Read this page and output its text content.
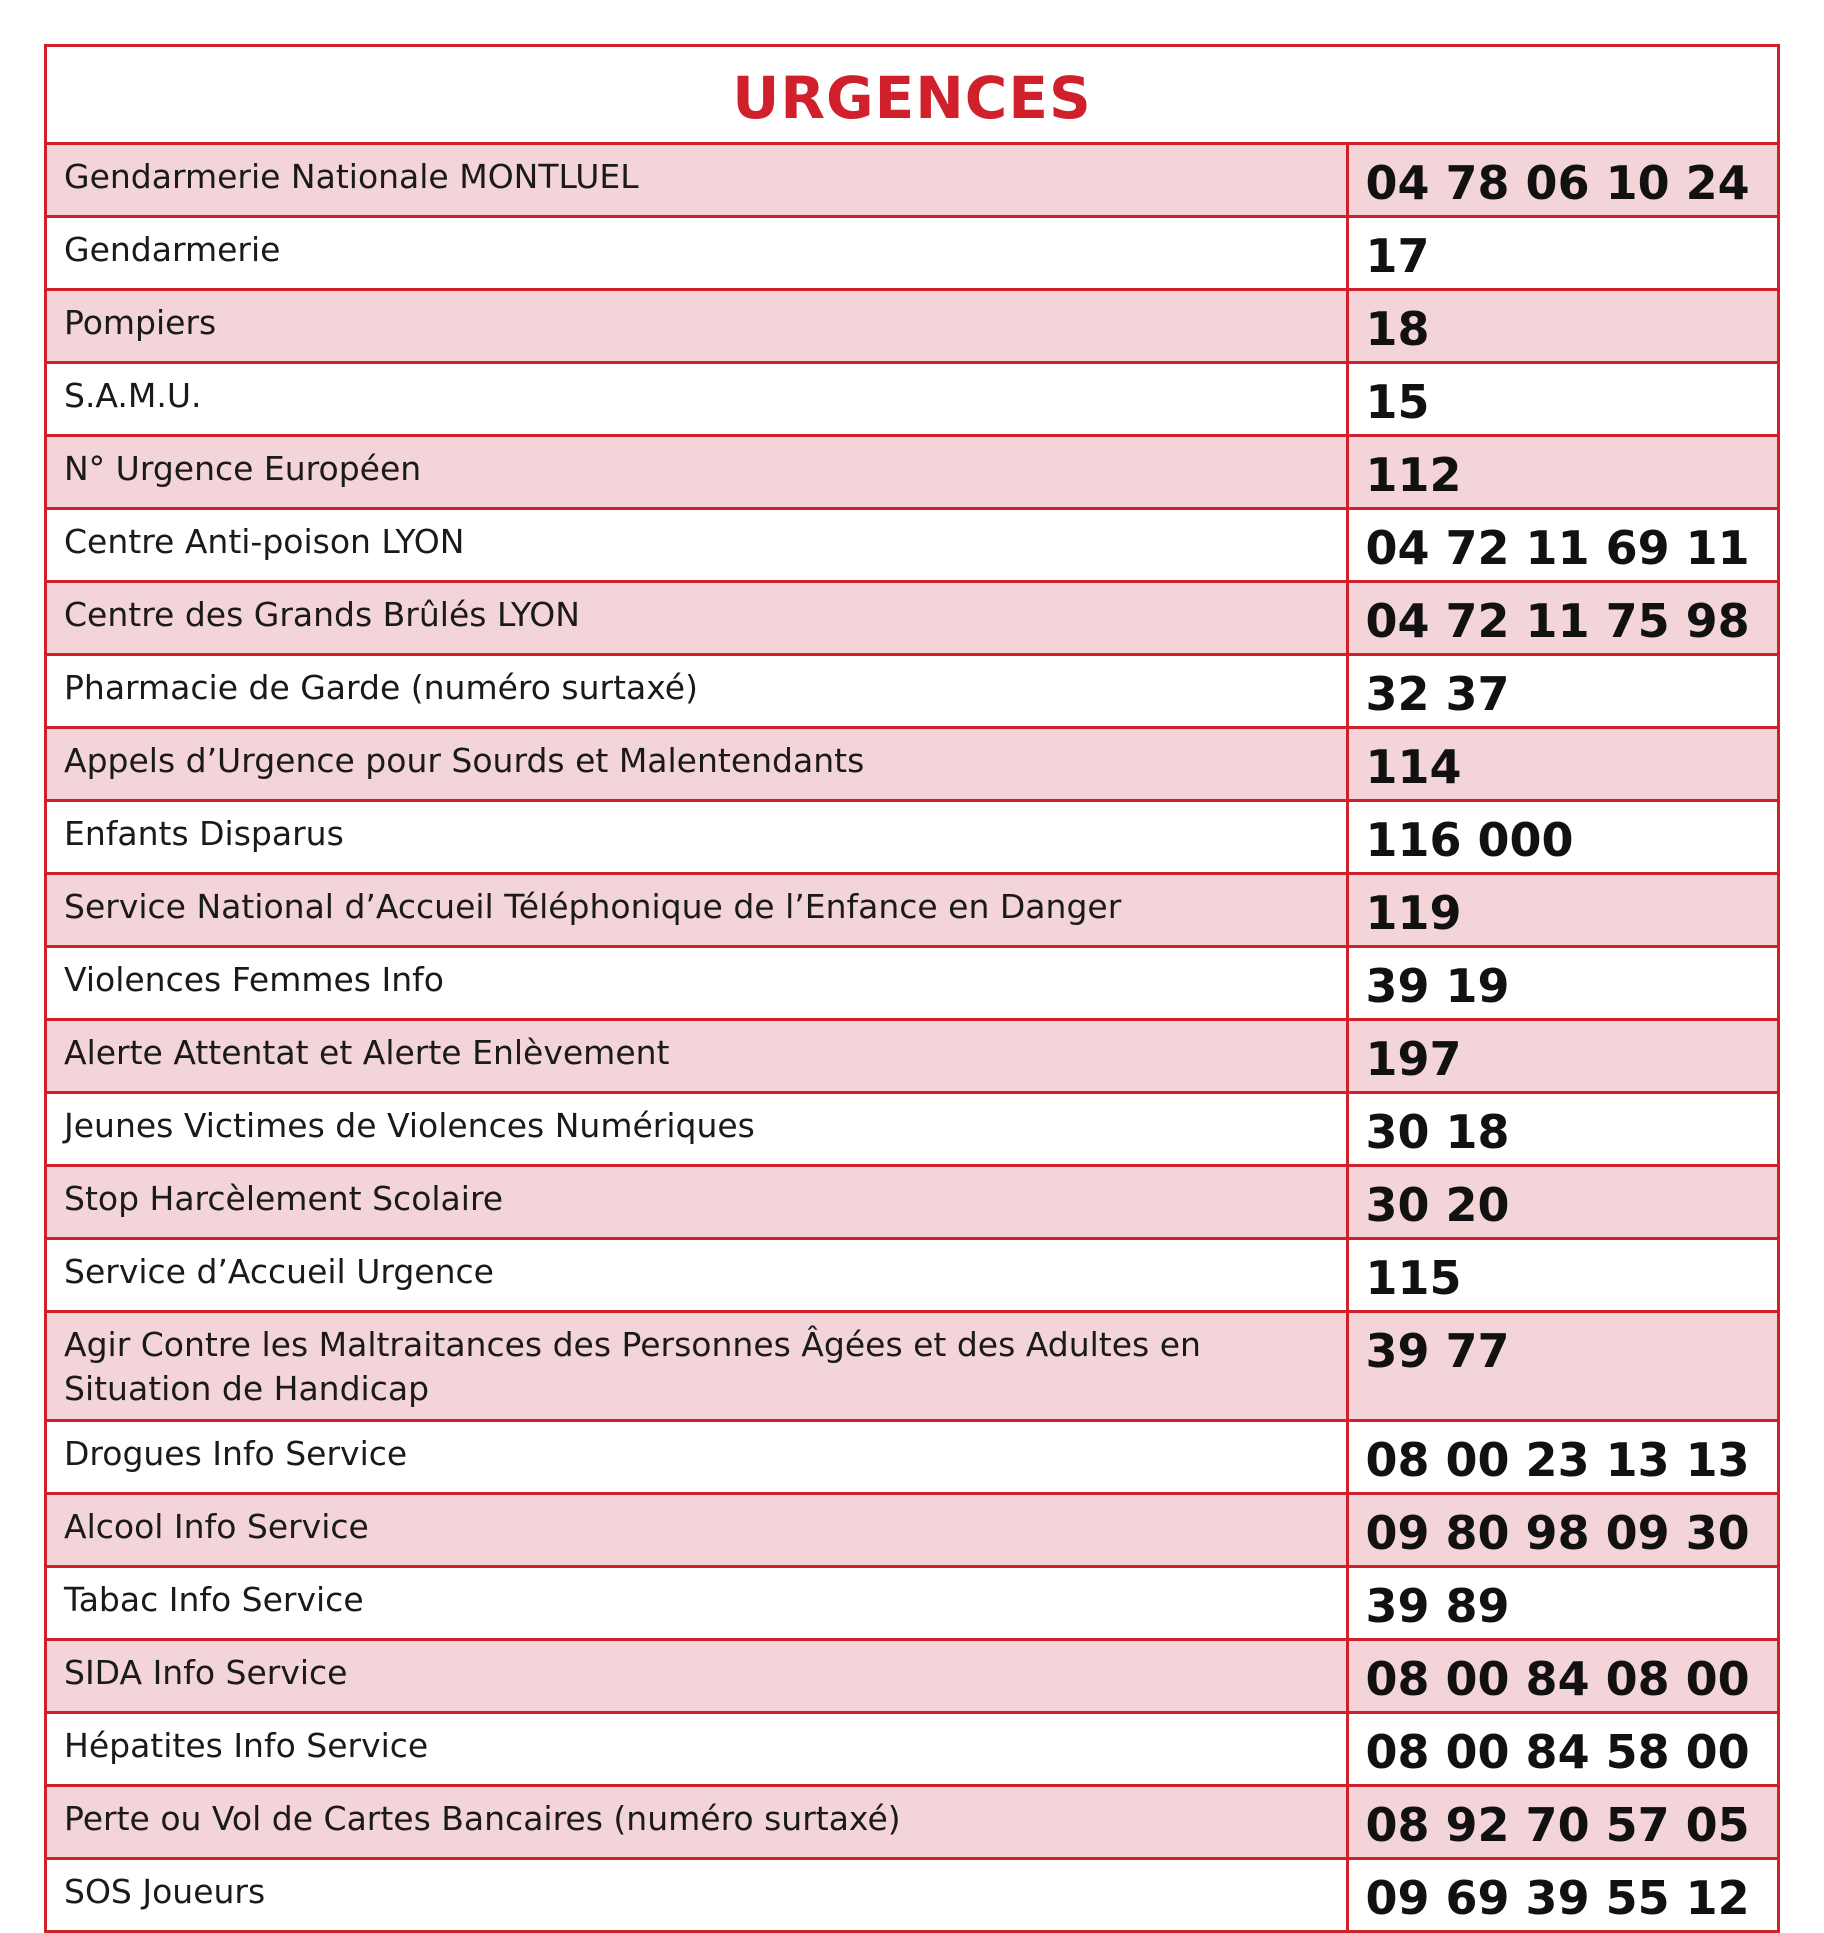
URGENCES
Gendarmerie Nationale MONTLUEL	04 78 06 10 24
Gendarmerie	17
Pompiers	18
S.A.M.U.	15
N° Urgence Européen	112
Centre Anti-poison LYON	04 72 11 69 11
Centre des Grands Brûlés LYON	04 72 11 75 98
Pharmacie de Garde (numéro surtaxé)	32 37
Appels d’Urgence pour Sourds et Malentendants	114
Enfants Disparus	116 000
Service National d’Accueil Téléphonique de l’Enfance en Danger	119
Violences Femmes Info	39 19
Alerte Attentat et Alerte Enlèvement	197
Jeunes Victimes de Violences Numériques	30 18
Stop Harcèlement Scolaire	30 20
Service d’Accueil Urgence	115
Agir Contre les Maltraitances des Personnes Âgées et des Adultes en Situation de Handicap	39 77
Drogues Info Service	08 00 23 13 13
Alcool Info Service	09 80 98 09 30
Tabac Info Service	39 89
SIDA Info Service	08 00 84 08 00
Hépatites Info Service	08 00 84 58 00
Perte ou Vol de Cartes Bancaires (numéro surtaxé)	08 92 70 57 05
SOS Joueurs	09 69 39 55 12
